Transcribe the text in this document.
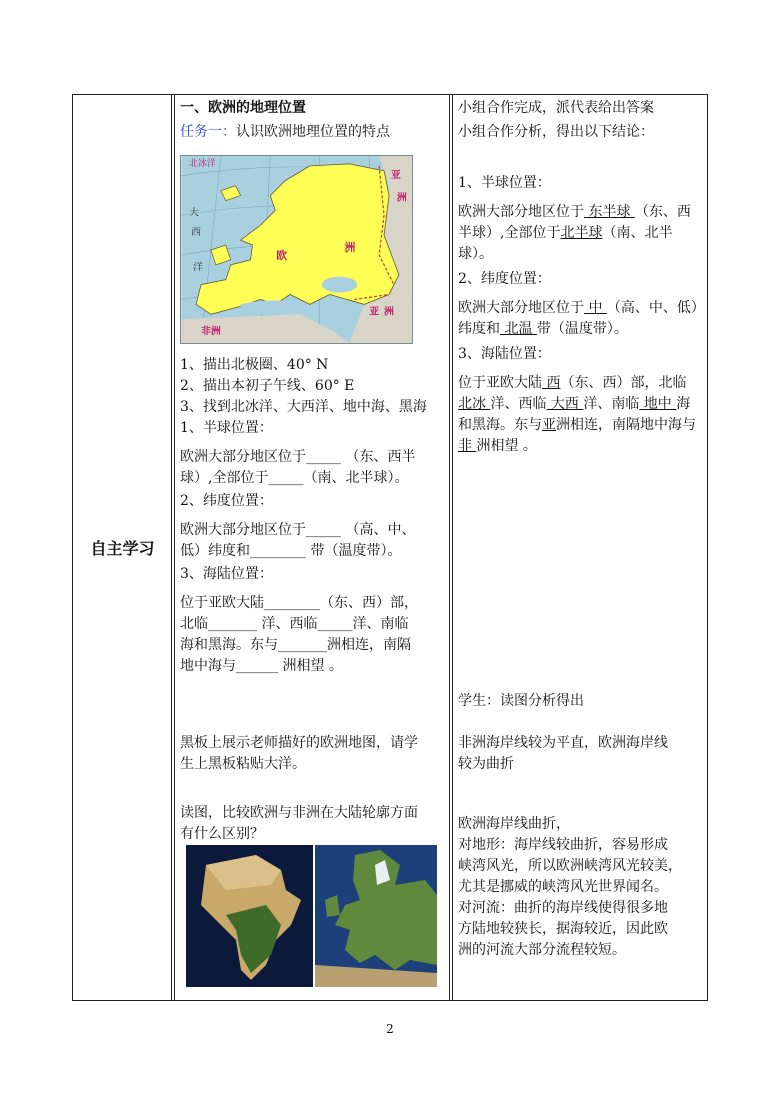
自主学习

一、欧洲的地理位置

任务一：认识欧洲地理位置的特点

北冰洋
亚
洲
大
西
洋
欧
洲
亚 洲
非洲

1、描出北极圈、40° N

2、描出本初子午线、60° E

3、找到北冰洋、大西洋、地中海、黑海

1、半球位置：

欧洲大部分地区位于_____ （东、西半

球）,全部位于_____（南、北半球）。

2、纬度位置：

欧洲大部分地区位于_____ （高、中、

低）纬度和________ 带（温度带）。

3、海陆位置：

位于亚欧大陆________（东、西）部，

北临_______ 洋、西临_____洋、南临

海和黑海。东与_______洲相连，南隔

地中海与______ 洲相望 。

黑板上展示老师描好的欧洲地图，请学

生上黑板粘贴大洋。

读图，比较欧洲与非洲在大陆轮廓方面

有什么区别？

小组合作完成，派代表给出答案

小组合作分析，得出以下结论：

1、半球位置：

欧洲大部分地区位于 东半球 （东、西半球）,全部位于北半球（南、北半球）。

2、纬度位置：

欧洲大部分地区位于 中 （高、中、低）纬度和 北温 带（温度带）。

3、海陆位置：

位于亚欧大陆 西（东、西）部，北临 北冰 洋、西临 大西 洋、南临 地中 海和黑海。东与亚洲相连，南隔地中海与 非 洲相望 。

学生：读图分析得出

非洲海岸线较为平直，欧洲海岸线

较为曲折

欧洲海岸线曲折，

对地形：海岸线较曲折，容易形成

峡湾风光，所以欧洲峡湾风光较美，

尤其是挪威的峡湾风光世界闻名。

对河流：曲折的海岸线使得很多地

方陆地较狭长，据海较近，因此欧

洲的河流大部分流程较短。

2
